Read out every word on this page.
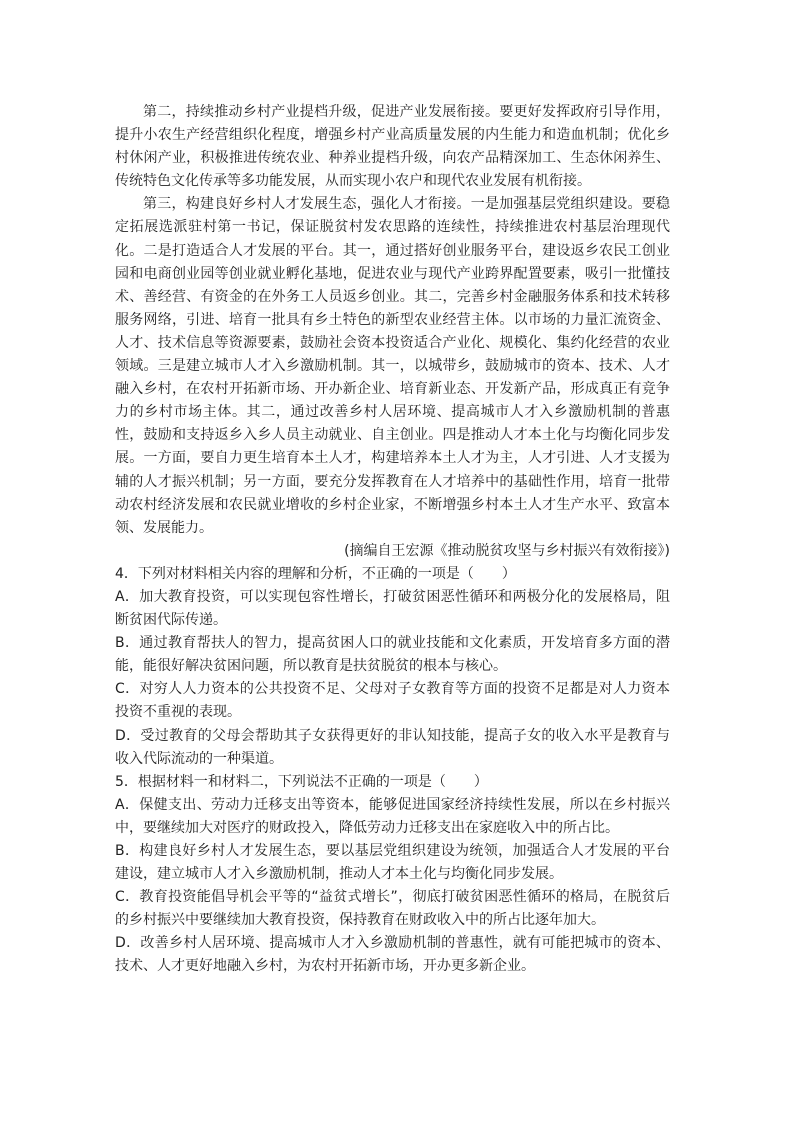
第二，持续推动乡村产业提档升级，促进产业发展衔接。要更好发挥政府引导作用，提升小农生产经营组织化程度，增强乡村产业高质量发展的内生能力和造血机制；优化乡村休闲产业，积极推进传统农业、种养业提档升级，向农产品精深加工、生态休闲养生、传统特色文化传承等多功能发展，从而实现小农户和现代农业发展有机衔接。

第三，构建良好乡村人才发展生态，强化人才衔接。一是加强基层党组织建设。要稳定拓展选派驻村第一书记，保证脱贫村发农思路的连续性，持续推进农村基层治理现代化。二是打造适合人才发展的平台。其一，通过搭好创业服务平台，建设返乡农民工创业园和电商创业园等创业就业孵化基地，促进农业与现代产业跨界配置要素，吸引一批懂技术、善经营、有资金的在外务工人员返乡创业。其二，完善乡村金融服务体系和技术转移服务网络，引进、培育一批具有乡土特色的新型农业经营主体。以市场的力量汇流资金、人才、技术信息等资源要素，鼓励社会资本投资适合产业化、规模化、集约化经营的农业领域。三是建立城市人才入乡激励机制。其一，以城带乡，鼓励城市的资本、技术、人才融入乡村，在农村开拓新市场、开办新企业、培育新业态、开发新产品，形成真正有竞争力的乡村市场主体。其二，通过改善乡村人居环境、提高城市人才入乡激励机制的普惠性，鼓励和支持返乡入乡人员主动就业、自主创业。四是推动人才本土化与均衡化同步发展。一方面，要自力更生培育本土人才，构建培养本土人才为主，人才引进、人才支援为辅的人才振兴机制；另一方面，要充分发挥教育在人才培养中的基础性作用，培育一批带动农村经济发展和农民就业增收的乡村企业家，不断增强乡村本土人才生产水平、致富本领、发展能力。

(摘编自王宏源《推动脱贫攻坚与乡村振兴有效衔接》)

4．下列对材料相关内容的理解和分析，不正确的一项是（　　）

A．加大教育投资，可以实现包容性增长，打破贫困恶性循环和两极分化的发展格局，阻断贫困代际传递。

B．通过教育帮扶人的智力，提高贫困人口的就业技能和文化素质，开发培育多方面的潜能，能很好解决贫困问题，所以教育是扶贫脱贫的根本与核心。

C．对穷人人力资本的公共投资不足、父母对子女教育等方面的投资不足都是对人力资本投资不重视的表现。

D．受过教育的父母会帮助其子女获得更好的非认知技能，提高子女的收入水平是教育与收入代际流动的一种渠道。

5．根据材料一和材料二，下列说法不正确的一项是（　　）

A．保健支出、劳动力迁移支出等资本，能够促进国家经济持续性发展，所以在乡村振兴中，要继续加大对医疗的财政投入，降低劳动力迁移支出在家庭收入中的所占比。

B．构建良好乡村人才发展生态，要以基层党组织建设为统领，加强适合人才发展的平台建设，建立城市人才入乡激励机制，推动人才本土化与均衡化同步发展。

C．教育投资能倡导机会平等的“益贫式增长”，彻底打破贫困恶性循环的格局，在脱贫后的乡村振兴中要继续加大教育投资，保持教育在财政收入中的所占比逐年加大。

D．改善乡村人居环境、提高城市人才入乡激励机制的普惠性，就有可能把城市的资本、技术、人才更好地融入乡村，为农村开拓新市场，开办更多新企业。
